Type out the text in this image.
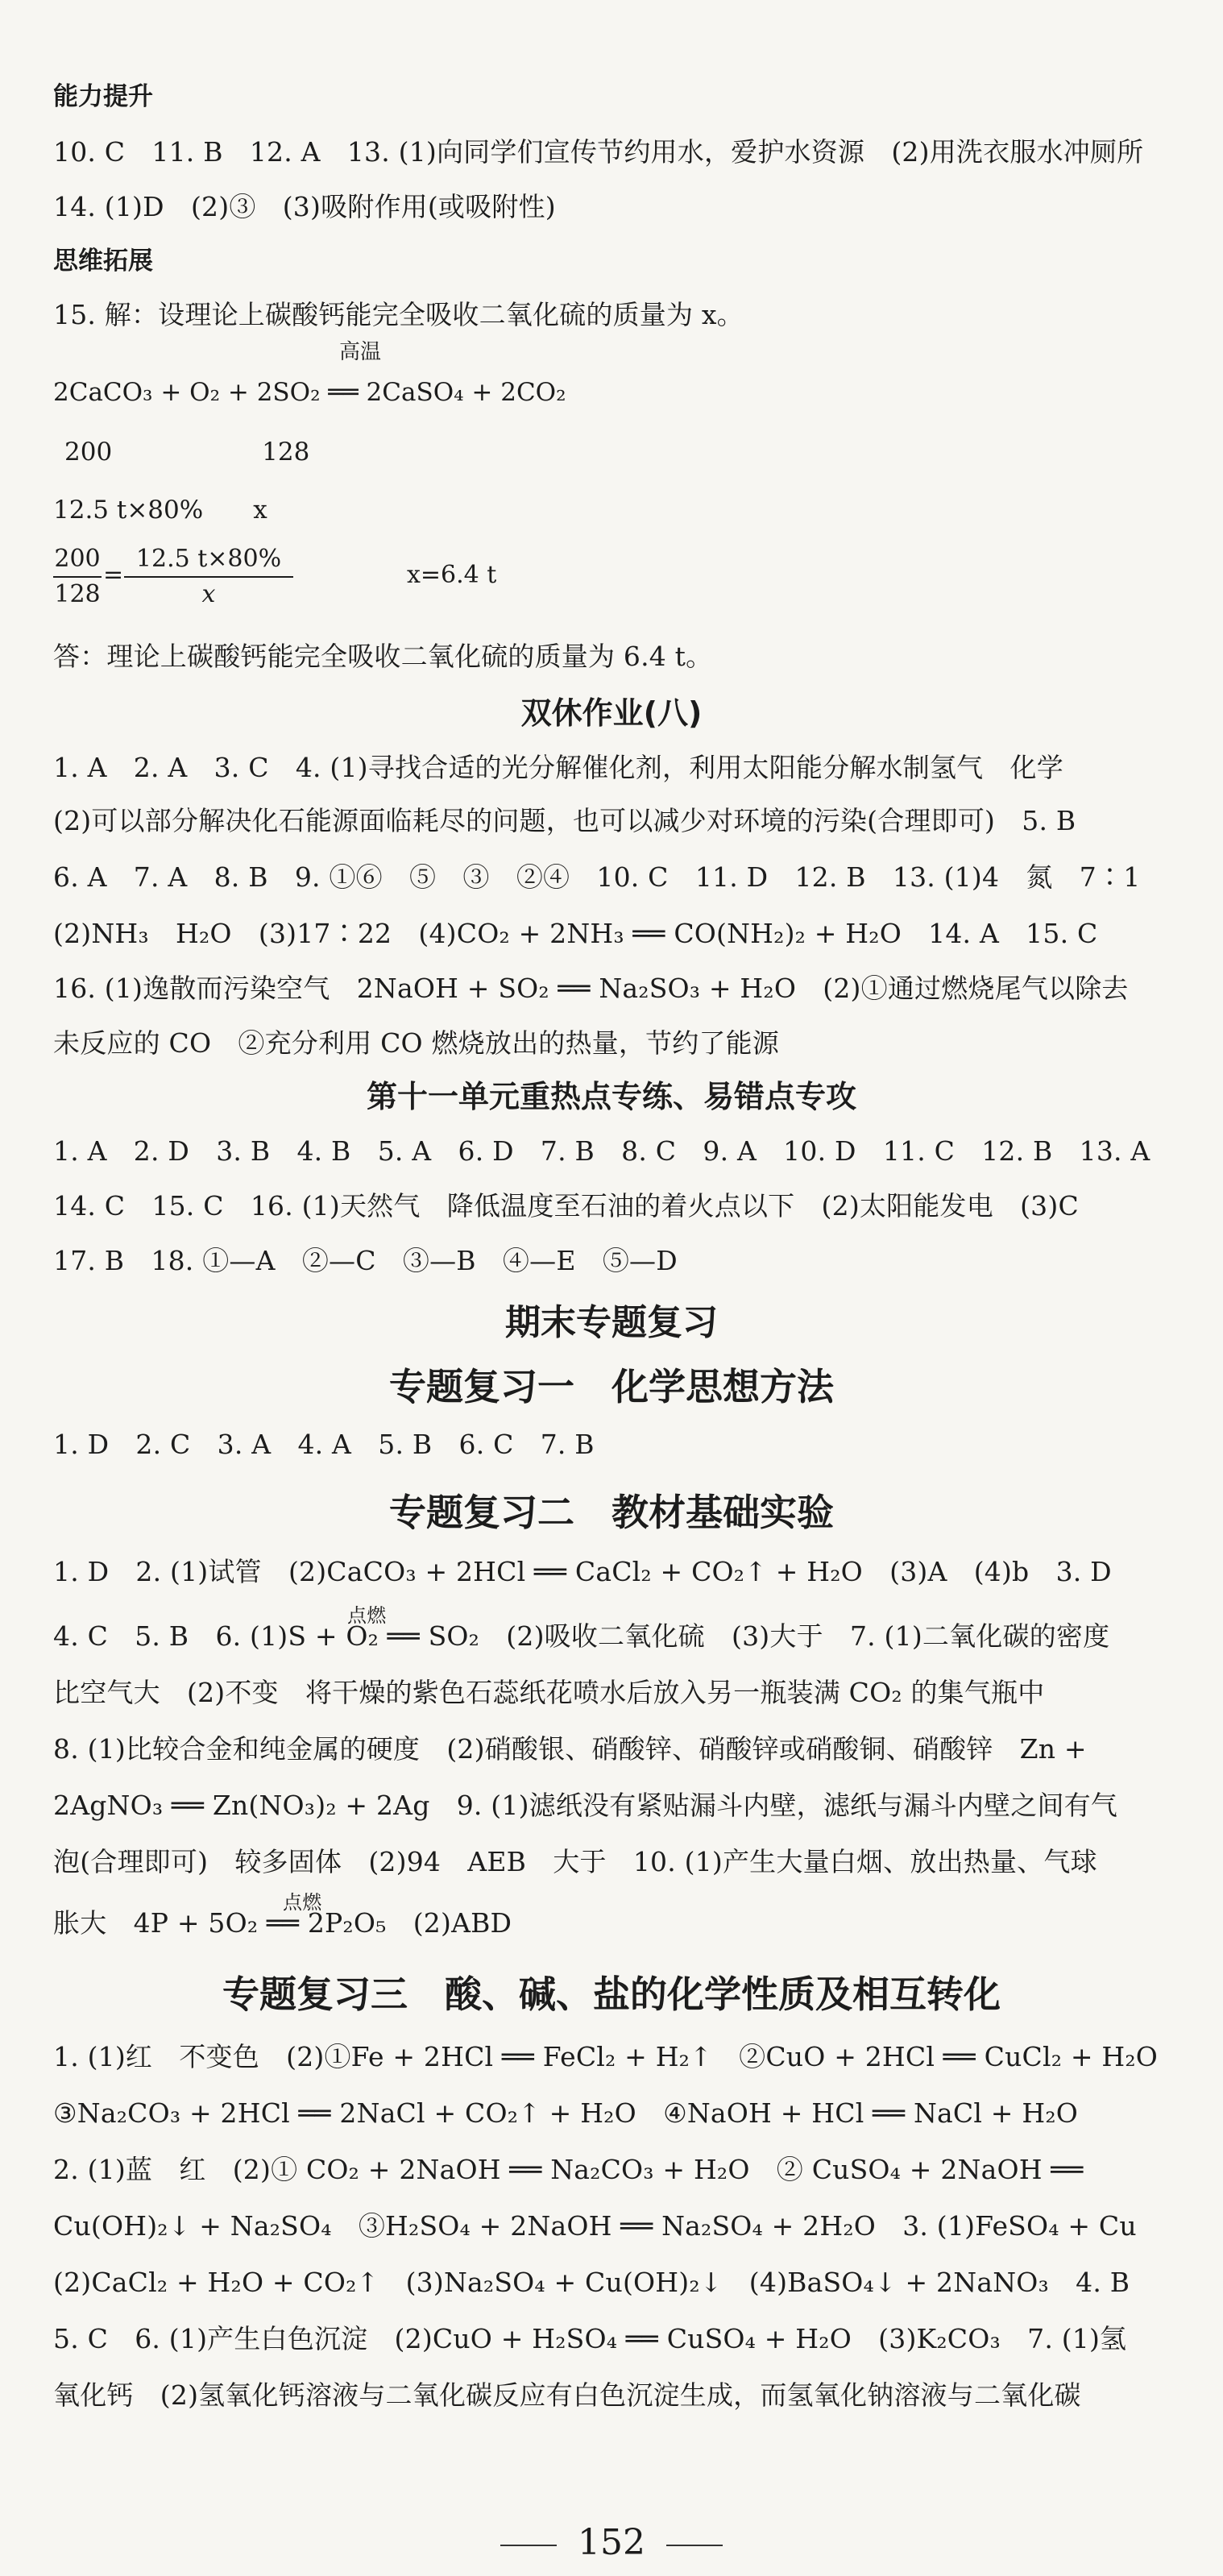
能力提升
10. C　11. B　12. A　13. (1)向同学们宣传节约用水，爱护水资源　(2)用洗衣服水冲厕所
14. (1)D　(2)③　(3)吸附作用(或吸附性)
思维拓展
15. 解：设理论上碳酸钙能完全吸收二氧化硫的质量为 x。
高温
2CaCO₃ + O₂ + 2SO₂ ══ 2CaSO₄ + 2CO₂
200　　　　　　128
12.5 t×80%　　x
200
128
=
12.5 t×80%
x
x=6.4 t
答：理论上碳酸钙能完全吸收二氧化硫的质量为 6.4 t。
双休作业(八)
1. A　2. A　3. C　4. (1)寻找合适的光分解催化剂，利用太阳能分解水制氢气　化学
(2)可以部分解决化石能源面临耗尽的问题，也可以减少对环境的污染(合理即可)　5. B
6. A　7. A　8. B　9. ①⑥　⑤　③　②④　10. C　11. D　12. B　13. (1)4　氮　7∶1
(2)NH₃　H₂O　(3)17∶22　(4)CO₂ + 2NH₃ ══ CO(NH₂)₂ + H₂O　14. A　15. C
16. (1)逸散而污染空气　2NaOH + SO₂ ══ Na₂SO₃ + H₂O　(2)①通过燃烧尾气以除去
未反应的 CO　②充分利用 CO 燃烧放出的热量，节约了能源
第十一单元重热点专练、易错点专攻
1. A　2. D　3. B　4. B　5. A　6. D　7. B　8. C　9. A　10. D　11. C　12. B　13. A
14. C　15. C　16. (1)天然气　降低温度至石油的着火点以下　(2)太阳能发电　(3)C
17. B　18. ①—A　②—C　③—B　④—E　⑤—D
期末专题复习
专题复习一　化学思想方法
1. D　2. C　3. A　4. A　5. B　6. C　7. B
专题复习二　教材基础实验
1. D　2. (1)试管　(2)CaCO₃ + 2HCl ══ CaCl₂ + CO₂↑ + H₂O　(3)A　(4)b　3. D
4. C　5. B　6. (1)S + O₂ ══ SO₂　(2)吸收二氧化硫　(3)大于　7. (1)二氧化碳的密度
点燃
比空气大　(2)不变　将干燥的紫色石蕊纸花喷水后放入另一瓶装满 CO₂ 的集气瓶中
8. (1)比较合金和纯金属的硬度　(2)硝酸银、硝酸锌、硝酸锌或硝酸铜、硝酸锌　Zn +
2AgNO₃ ══ Zn(NO₃)₂ + 2Ag　9. (1)滤纸没有紧贴漏斗内壁，滤纸与漏斗内壁之间有气
泡(合理即可)　较多固体　(2)94　AEB　大于　10. (1)产生大量白烟、放出热量、气球
胀大　4P + 5O₂ ══ 2P₂O₅　(2)ABD
点燃
专题复习三　酸、碱、盐的化学性质及相互转化
1. (1)红　不变色　(2)①Fe + 2HCl ══ FeCl₂ + H₂↑　②CuO + 2HCl ══ CuCl₂ + H₂O
③Na₂CO₃ + 2HCl ══ 2NaCl + CO₂↑ + H₂O　④NaOH + HCl ══ NaCl + H₂O
2. (1)蓝　红　(2)① CO₂ + 2NaOH ══ Na₂CO₃ + H₂O　② CuSO₄ + 2NaOH ══
Cu(OH)₂↓ + Na₂SO₄　③H₂SO₄ + 2NaOH ══ Na₂SO₄ + 2H₂O　3. (1)FeSO₄ + Cu
(2)CaCl₂ + H₂O + CO₂↑　(3)Na₂SO₄ + Cu(OH)₂↓　(4)BaSO₄↓ + 2NaNO₃　4. B
5. C　6. (1)产生白色沉淀　(2)CuO + H₂SO₄ ══ CuSO₄ + H₂O　(3)K₂CO₃　7. (1)氢
氧化钙　(2)氢氧化钙溶液与二氧化碳反应有白色沉淀生成，而氢氧化钠溶液与二氧化碳
152
